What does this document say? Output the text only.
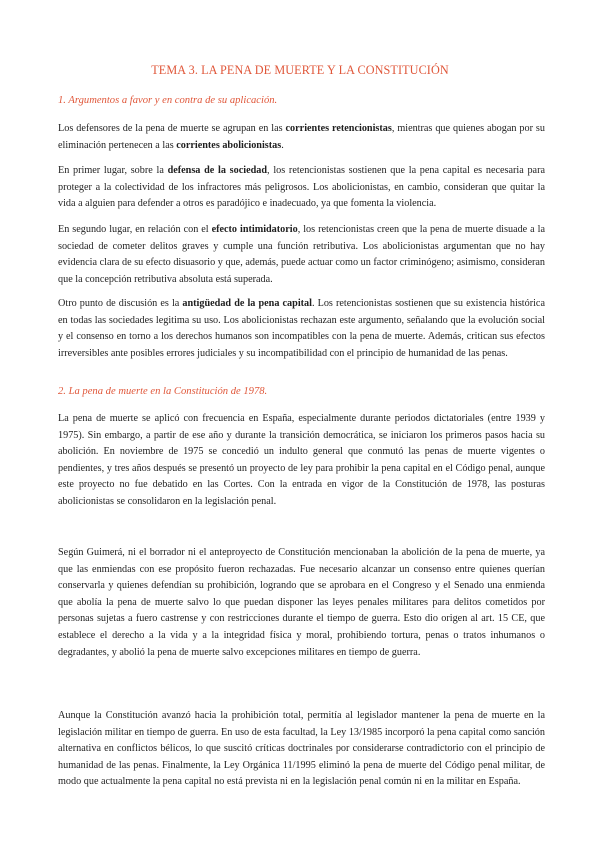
TEMA 3. LA PENA DE MUERTE Y LA CONSTITUCIÓN
1. Argumentos a favor y en contra de su aplicación.

Los defensores de la pena de muerte se agrupan en las corrientes retencionistas, mientras que quienes abogan por su eliminación pertenecen a las corrientes abolicionistas.

En primer lugar, sobre la defensa de la sociedad, los retencionistas sostienen que la pena capital es necesaria para proteger a la colectividad de los infractores más peligrosos. Los abolicionistas, en cambio, consideran que quitar la vida a alguien para defender a otros es paradójico e inadecuado, ya que fomenta la violencia.

En segundo lugar, en relación con el efecto intimidatorio, los retencionistas creen que la pena de muerte disuade a la sociedad de cometer delitos graves y cumple una función retributiva. Los abolicionistas argumentan que no hay evidencia clara de su efecto disuasorio y que, además, puede actuar como un factor criminógeno; asimismo, consideran que la concepción retributiva absoluta está superada.

Otro punto de discusión es la antigüedad de la pena capital. Los retencionistas sostienen que su existencia histórica en todas las sociedades legitima su uso. Los abolicionistas rechazan este argumento, señalando que la evolución social y el consenso en torno a los derechos humanos son incompatibles con la pena de muerte. Además, critican sus efectos irreversibles ante posibles errores judiciales y su incompatibilidad con el principio de humanidad de las penas.

2. La pena de muerte en la Constitución de 1978.

La pena de muerte se aplicó con frecuencia en España, especialmente durante periodos dictatoriales (entre 1939 y 1975). Sin embargo, a partir de ese año y durante la transición democrática, se iniciaron los primeros pasos hacia su abolición. En noviembre de 1975 se concedió un indulto general que conmutó las penas de muerte vigentes o pendientes, y tres años después se presentó un proyecto de ley para prohibir la pena capital en el Código penal, aunque este proyecto no fue debatido en las Cortes. Con la entrada en vigor de la Constitución de 1978, las posturas abolicionistas se consolidaron en la legislación penal.

Según Guimerá, ni el borrador ni el anteproyecto de Constitución mencionaban la abolición de la pena de muerte, ya que las enmiendas con ese propósito fueron rechazadas. Fue necesario alcanzar un consenso entre quienes querían conservarla y quienes defendían su prohibición, logrando que se aprobara en el Congreso y el Senado una enmienda que abolía la pena de muerte salvo lo que puedan disponer las leyes penales militares para delitos cometidos por personas sujetas a fuero castrense y con restricciones durante el tiempo de guerra. Esto dio origen al art. 15 CE, que establece el derecho a la vida y a la integridad física y moral, prohibiendo tortura, penas o tratos inhumanos o degradantes, y abolió la pena de muerte salvo excepciones militares en tiempo de guerra.

Aunque la Constitución avanzó hacia la prohibición total, permitía al legislador mantener la pena de muerte en la legislación militar en tiempo de guerra. En uso de esta facultad, la Ley 13/1985 incorporó la pena capital como sanción alternativa en conflictos bélicos, lo que suscitó críticas doctrinales por considerarse contradictorio con el principio de humanidad de las penas. Finalmente, la Ley Orgánica 11/1995 eliminó la pena de muerte del Código penal militar, de modo que actualmente la pena capital no está prevista ni en la legislación penal común ni en la militar en España.
